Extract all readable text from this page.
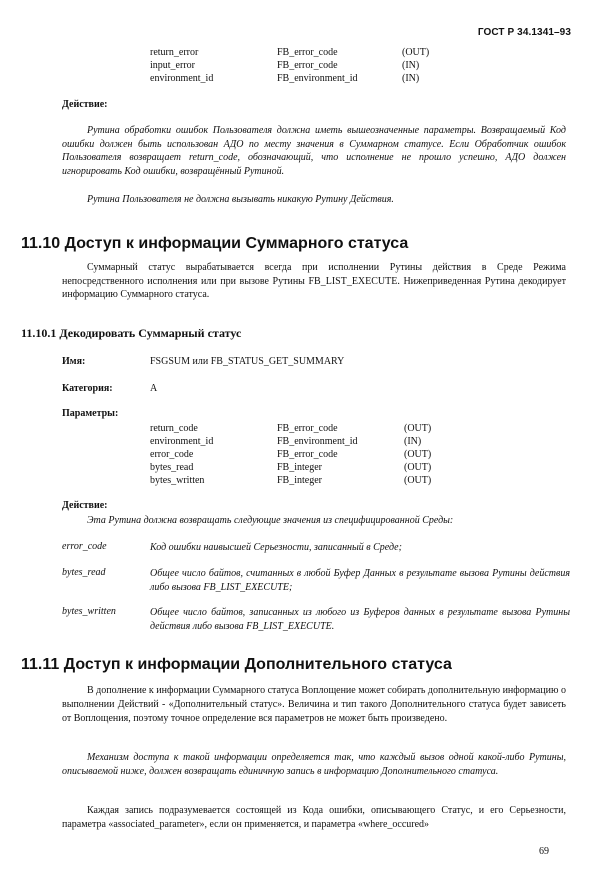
ГОСТ Р 34.1341–93
return_error	FB_error_code	(OUT)
input_error	FB_error_code	(IN)
environment_id	FB_environment_id	(IN)
Действие:
Рутина обработки ошибок Пользователя должна иметь вышеозначенные параметры. Возвращаемый Код ошибки должен быть использован АДО по месту значения в Суммарном статусе. Если Обработчик ошибок Пользователя возвращает return_code, обозначающий, что исполнение не прошло успешно, АДО должен игнорировать Код ошибки, возвращённый Рутиной.
Рутина Пользователя не должна вызывать никакую Рутину Действия.
11.10 Доступ к информации Суммарного статуса
Суммарный статус вырабатывается всегда при исполнении Рутины действия в Среде Режима непосредственного исполнения или при вызове Рутины FB_LIST_EXECUTE. Нижеприведенная Рутина декодирует информацию Суммарного статуса.
11.10.1 Декодировать Суммарный статус
Имя:	FSGSUM или FB_STATUS_GET_SUMMARY
Категория:	A
Параметры:
return_code	FB_error_code	(OUT)
environment_id	FB_environment_id	(IN)
error_code	FB_error_code	(OUT)
bytes_read	FB_integer	(OUT)
bytes_written	FB_integer	(OUT)
Действие:
Эта Рутина должна возвращать следующие значения из специфицированной Среды:
error_code	Код ошибки наивысшей Серьезности, записанный в Среде;
bytes_read	Общее число байтов, считанных в любой Буфер Данных в результате вызова Рутины действия либо вызова FB_LIST_EXECUTE;
bytes_written	Общее число байтов, записанных из любого из Буферов данных в результате вызова Рутины действия либо вызова FB_LIST_EXECUTE.
11.11 Доступ к информации Дополнительного статуса
В дополнение к информации Суммарного статуса Воплощение может собирать дополнительную информацию о выполнении Действий - «Дополнительный статус». Величина и тип такого Дополнительного статуса будет зависеть от Воплощения, поэтому точное определение вся параметров не может быть произведено.
Механизм доступа к такой информации определяется так, что каждый вызов одной какой-либо Рутины, описываемой ниже, должен возвращать единичную запись в информацию Дополнительного статуса.
Каждая запись подразумевается состоящей из Кода ошибки, описывающего Статус, и его Серьезности, параметра «associated_parameter», если он применяется, и параметра «where_occured»
69
